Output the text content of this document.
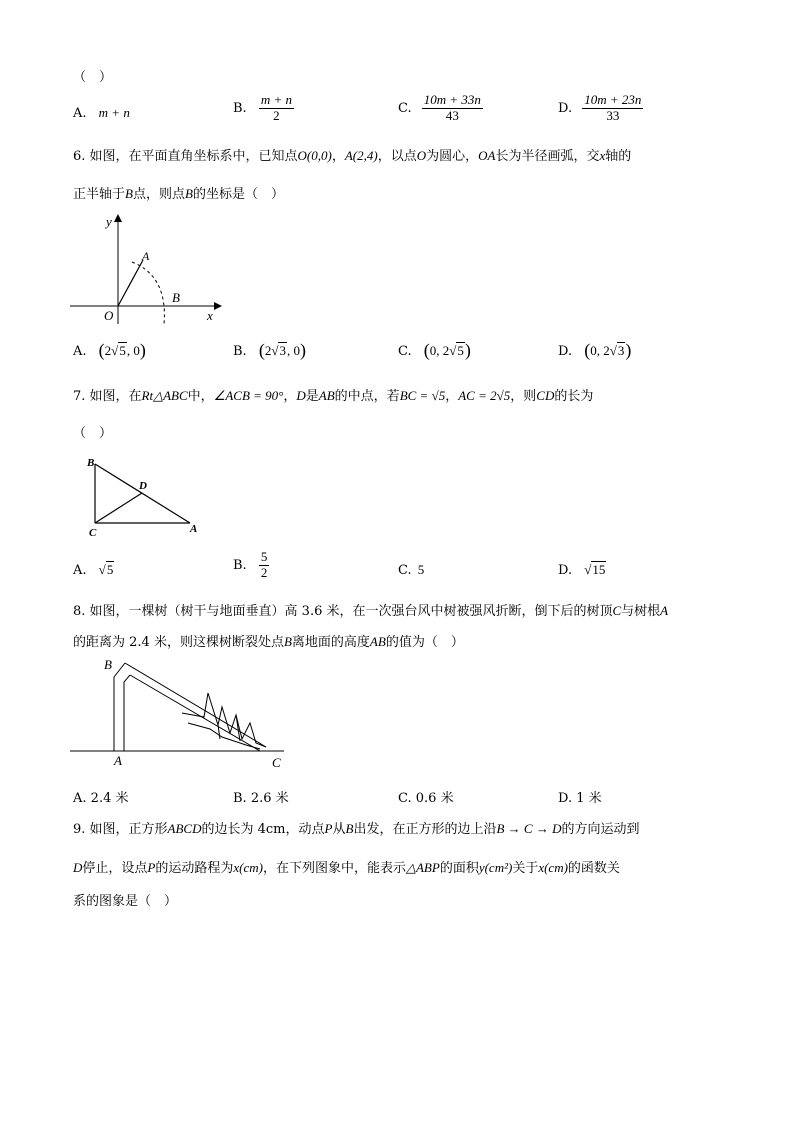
（　）
A. m + n	B. $\frac{m + n}{2}$	C. $\frac{10m + 33n}{43}$	D. $\frac{10m + 23n}{33}$
6. 如图，在平面直角坐标系中，已知点O(0,0)，A(2,4)，以点O为圆心，OA长为半径画弧，交x轴的
正半轴于B点，则点B的坐标是（　）
y
x
O
A
B
A. (2√5, 0)	B. (2√3, 0)	C. (0, 2√5)	D. (0, 2√3)
7. 如图，在Rt△ABC中，∠ACB = 90°，D是AB的中点，若BC = √5，AC = 2√5，则CD的长为
（　）
B
D
C	A
A. √5	B. $\frac{5}{2}$	C. 5	D. √15
8. 如图，一棵树（树干与地面垂直）高 3.6 米，在一次强台风中树被强风折断，倒下后的树顶C与树根A
的距离为 2.4 米，则这棵树断裂处点B离地面的高度AB的值为（　）
B
A	C
A. 2.4 米	B. 2.6 米	C. 0.6 米	D. 1 米
9. 如图，正方形ABCD的边长为 4cm，动点P从B出发，在正方形的边上沿B → C → D的方向运动到
D停止，设点P的运动路程为x(cm)，在下列图象中，能表示△ABP的面积y(cm²)关于x(cm)的函数关
系的图象是（　）
